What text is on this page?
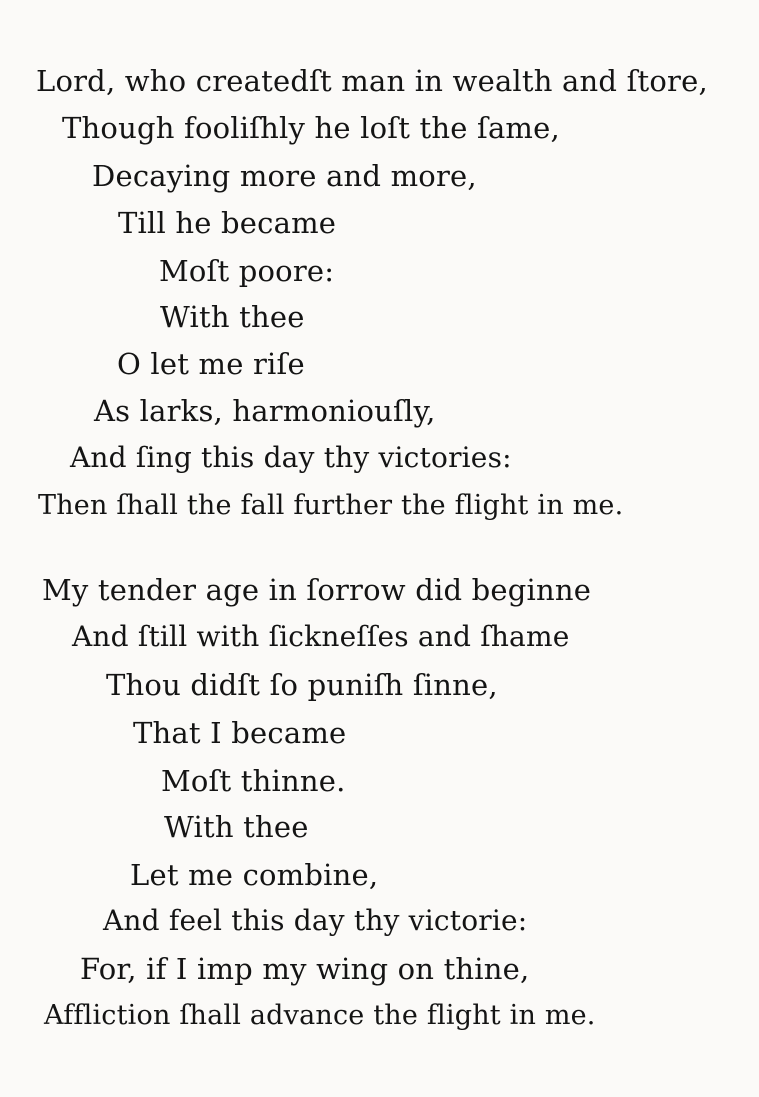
Lord, who createdſt man in wealth and ſtore,
Though fooliſhly he loſt the ſame,
Decaying more and more,
Till he became
Moſt poore:
With thee
O let me riſe
As larks, harmoniouſly,
And ſing this day thy victories:
Then ſhall the fall further the flight in me.
My tender age in ſorrow did beginne
And ſtill with ſickneſſes and ſhame
Thou didſt ſo puniſh ſinne,
That I became
Moſt thinne.
With thee
Let me combine,
And feel this day thy victorie:
For, if I imp my wing on thine,
Affliction ſhall advance the flight in me.
